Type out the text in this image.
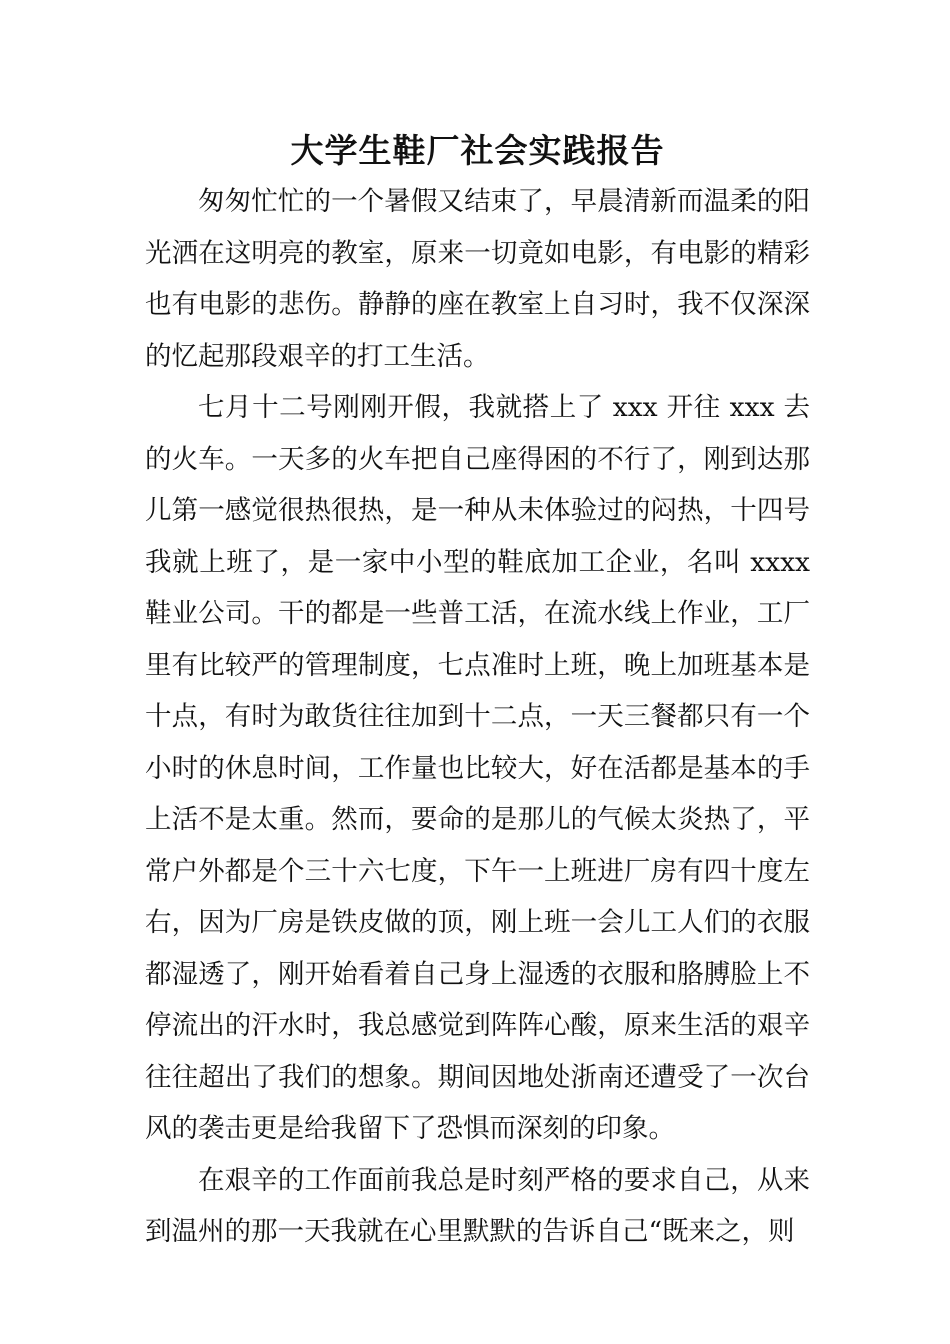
大学生鞋厂社会实践报告

匆匆忙忙的一个暑假又结束了，早晨清新而温柔的阳光洒在这明亮的教室，原来一切竟如电影，有电影的精彩也有电影的悲伤。静静的座在教室上自习时，我不仅深深的忆起那段艰辛的打工生活。

七月十二号刚刚开假，我就搭上了 xxx 开往 xxx 去的火车。一天多的火车把自己座得困的不行了，刚到达那儿第一感觉很热很热，是一种从未体验过的闷热，十四号我就上班了，是一家中小型的鞋底加工企业，名叫 xxxx 鞋业公司。干的都是一些普工活，在流水线上作业，工厂里有比较严的管理制度，七点准时上班，晚上加班基本是十点，有时为敢货往往加到十二点，一天三餐都只有一个小时的休息时间，工作量也比较大，好在活都是基本的手上活不是太重。然而，要命的是那儿的气候太炎热了，平常户外都是个三十六七度，下午一上班进厂房有四十度左右，因为厂房是铁皮做的顶，刚上班一会儿工人们的衣服都湿透了，刚开始看着自己身上湿透的衣服和胳膊脸上不停流出的汗水时，我总感觉到阵阵心酸，原来生活的艰辛往往超出了我们的想象。期间因地处浙南还遭受了一次台风的袭击更是给我留下了恐惧而深刻的印象。

在艰辛的工作面前我总是时刻严格的要求自己，从来到温州的那一天我就在心里默默的告诉自己“既来之，则
